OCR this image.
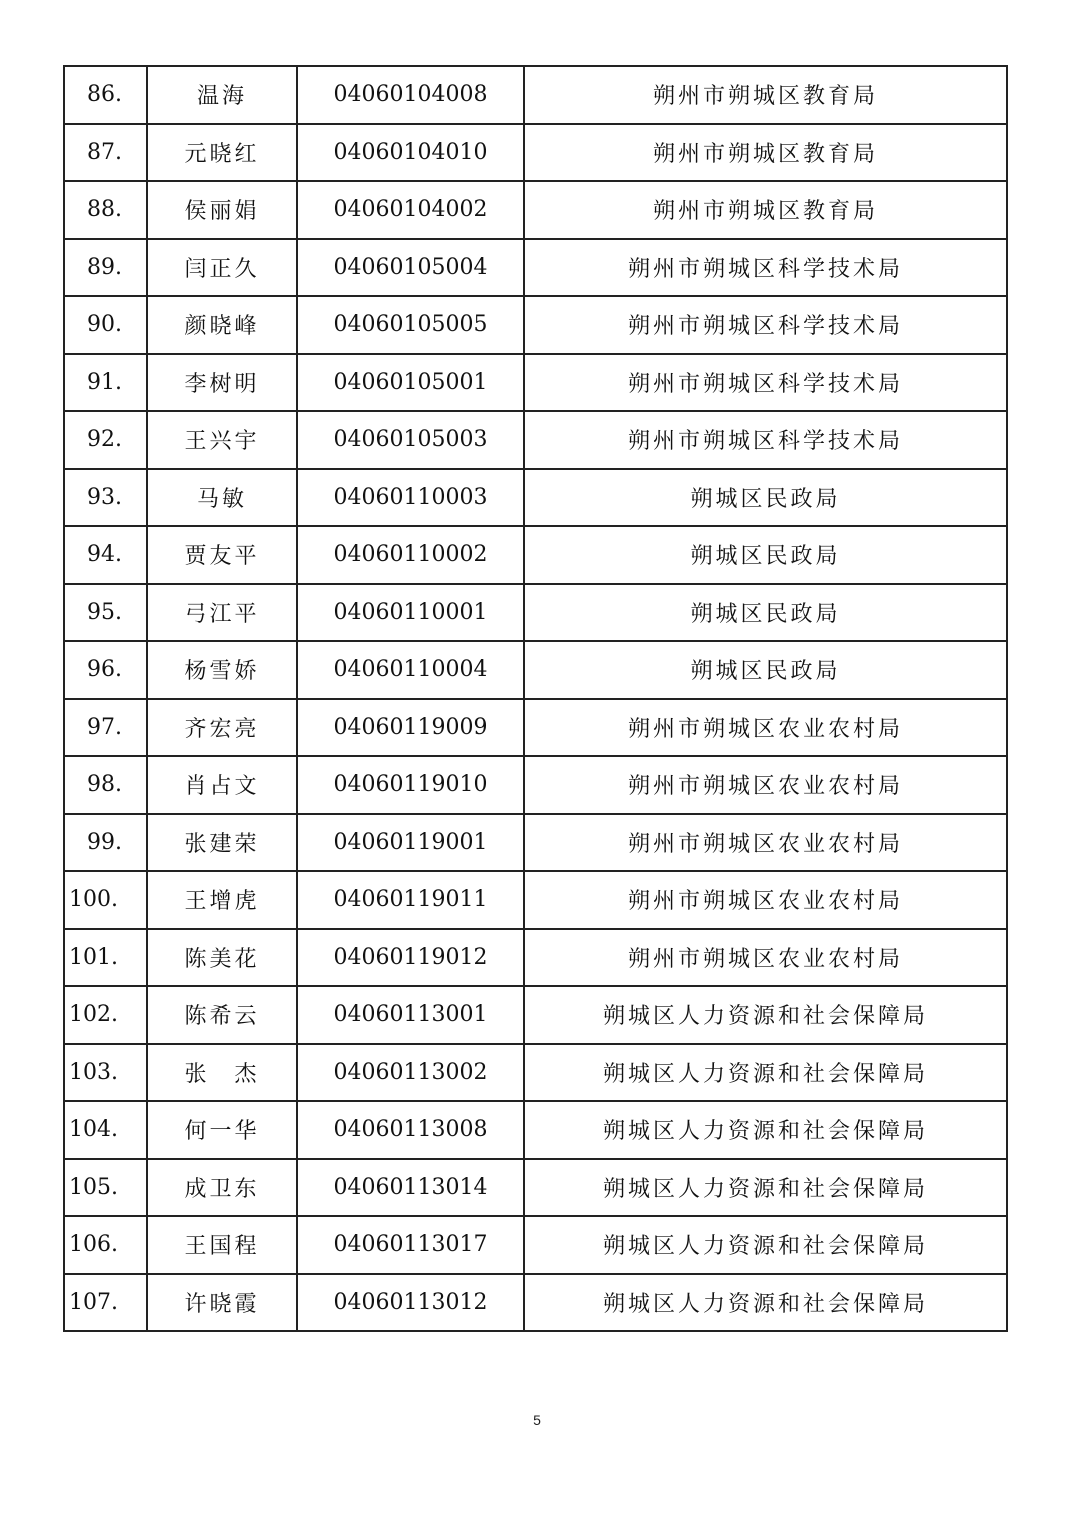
86.	温海	04060104008	朔州市朔城区教育局
87.	元晓红	04060104010	朔州市朔城区教育局
88.	侯丽娟	04060104002	朔州市朔城区教育局
89.	闫正久	04060105004	朔州市朔城区科学技术局
90.	颜晓峰	04060105005	朔州市朔城区科学技术局
91.	李树明	04060105001	朔州市朔城区科学技术局
92.	王兴宇	04060105003	朔州市朔城区科学技术局
93.	马敏	04060110003	朔城区民政局
94.	贾友平	04060110002	朔城区民政局
95.	弓江平	04060110001	朔城区民政局
96.	杨雪娇	04060110004	朔城区民政局
97.	齐宏亮	04060119009	朔州市朔城区农业农村局
98.	肖占文	04060119010	朔州市朔城区农业农村局
99.	张建荣	04060119001	朔州市朔城区农业农村局
100.	王增虎	04060119011	朔州市朔城区农业农村局
101.	陈美花	04060119012	朔州市朔城区农业农村局
102.	陈希云	04060113001	朔城区人力资源和社会保障局
103.	张　杰	04060113002	朔城区人力资源和社会保障局
104.	何一华	04060113008	朔城区人力资源和社会保障局
105.	成卫东	04060113014	朔城区人力资源和社会保障局
106.	王国程	04060113017	朔城区人力资源和社会保障局
107.	许晓霞	04060113012	朔城区人力资源和社会保障局
5
